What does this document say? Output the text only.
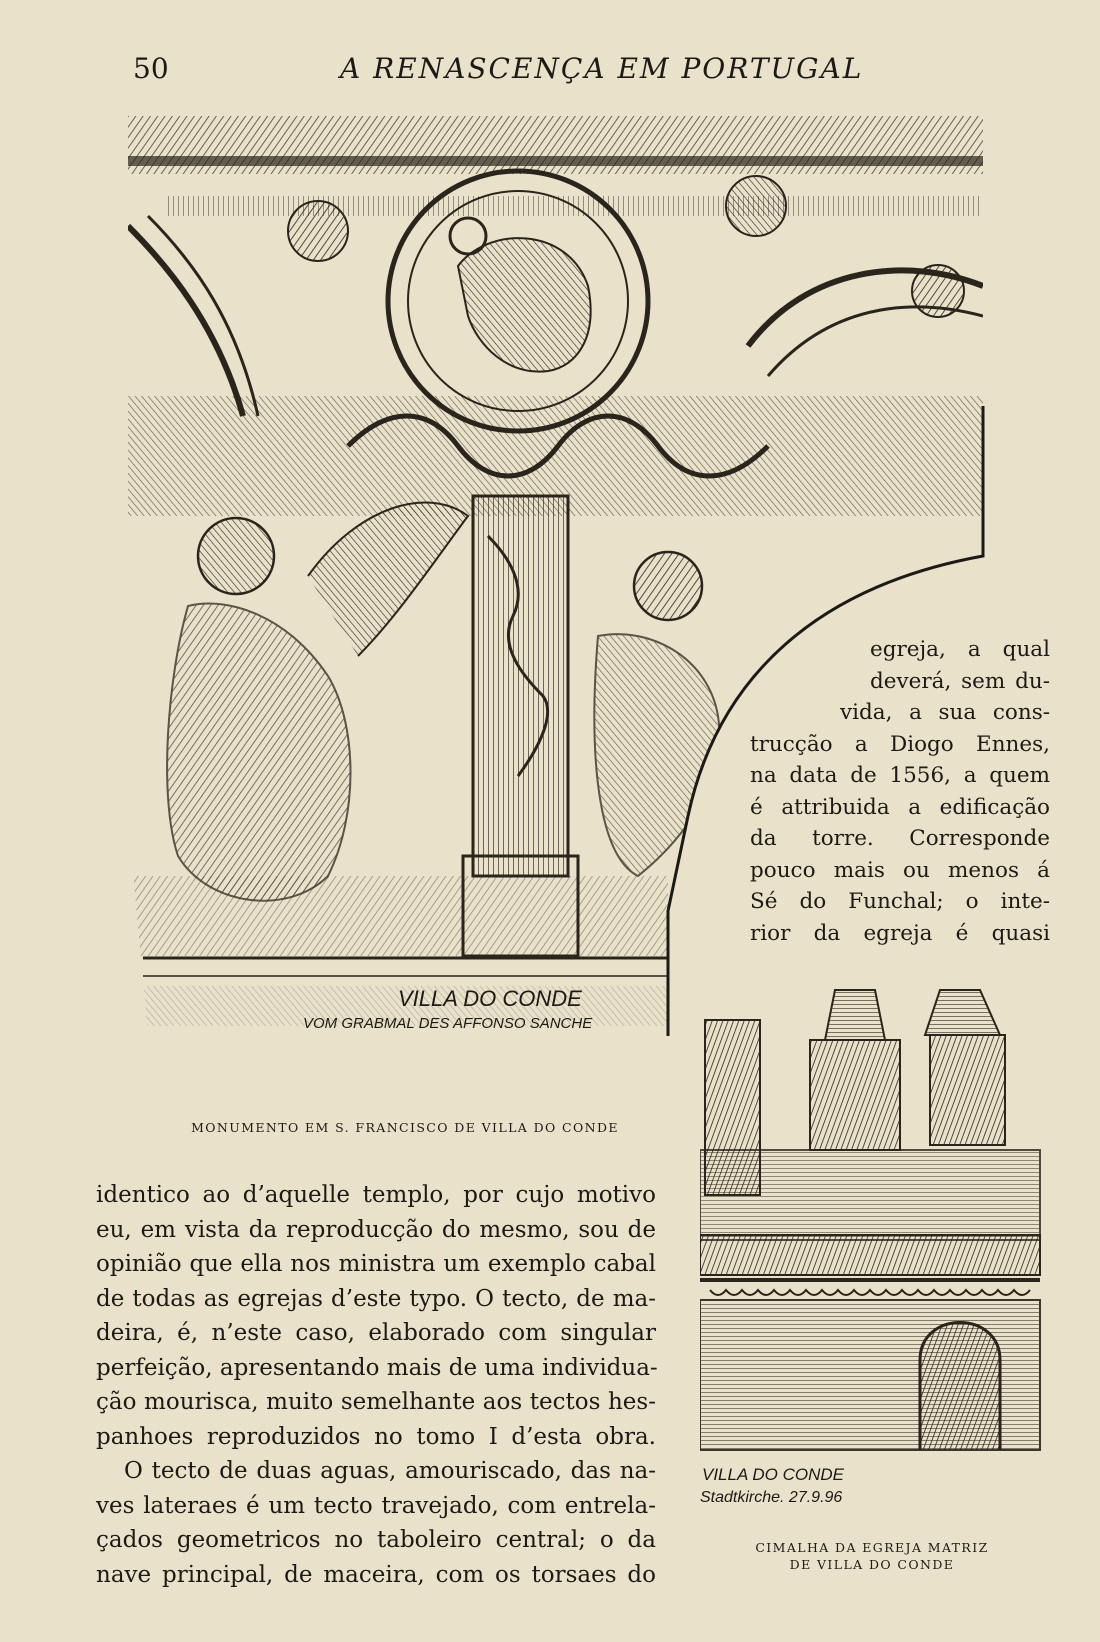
50	A RENASCENÇA EM PORTUGAL
VILLA DO CONDE
VOM GRABMAL DES AFFONSO SANCHE
MONUMENTO EM S. FRANCISCO DE VILLA DO CONDE
egreja, a qual
deverá, sem du-
vida, a sua cons-
trucção a Diogo Ennes,
na data de 1556, a quem
é attribuida a edificação
da torre. Corresponde
pouco mais ou menos á
Sé do Funchal; o inte-
rior da egreja é quasi
VILLA DO CONDE
Stadtkirche. 27.9.96
CIMALHA DA EGREJA MATRIZ
DE VILLA DO CONDE
identico ao d’aquelle templo, por cujo motivo
eu, em vista da reproducção do mesmo, sou de
opinião que ella nos ministra um exemplo cabal
de todas as egrejas d’este typo. O tecto, de ma-
deira, é, n’este caso, elaborado com singular
perfeição, apresentando mais de uma individua-
ção mourisca, muito semelhante aos tectos hes-
panhoes reproduzidos no tomo I d’esta obra.
O tecto de duas aguas, amouriscado, das na-
ves lateraes é um tecto travejado, com entrela-
çados geometricos no taboleiro central; o da
nave principal, de maceira, com os torsaes do
